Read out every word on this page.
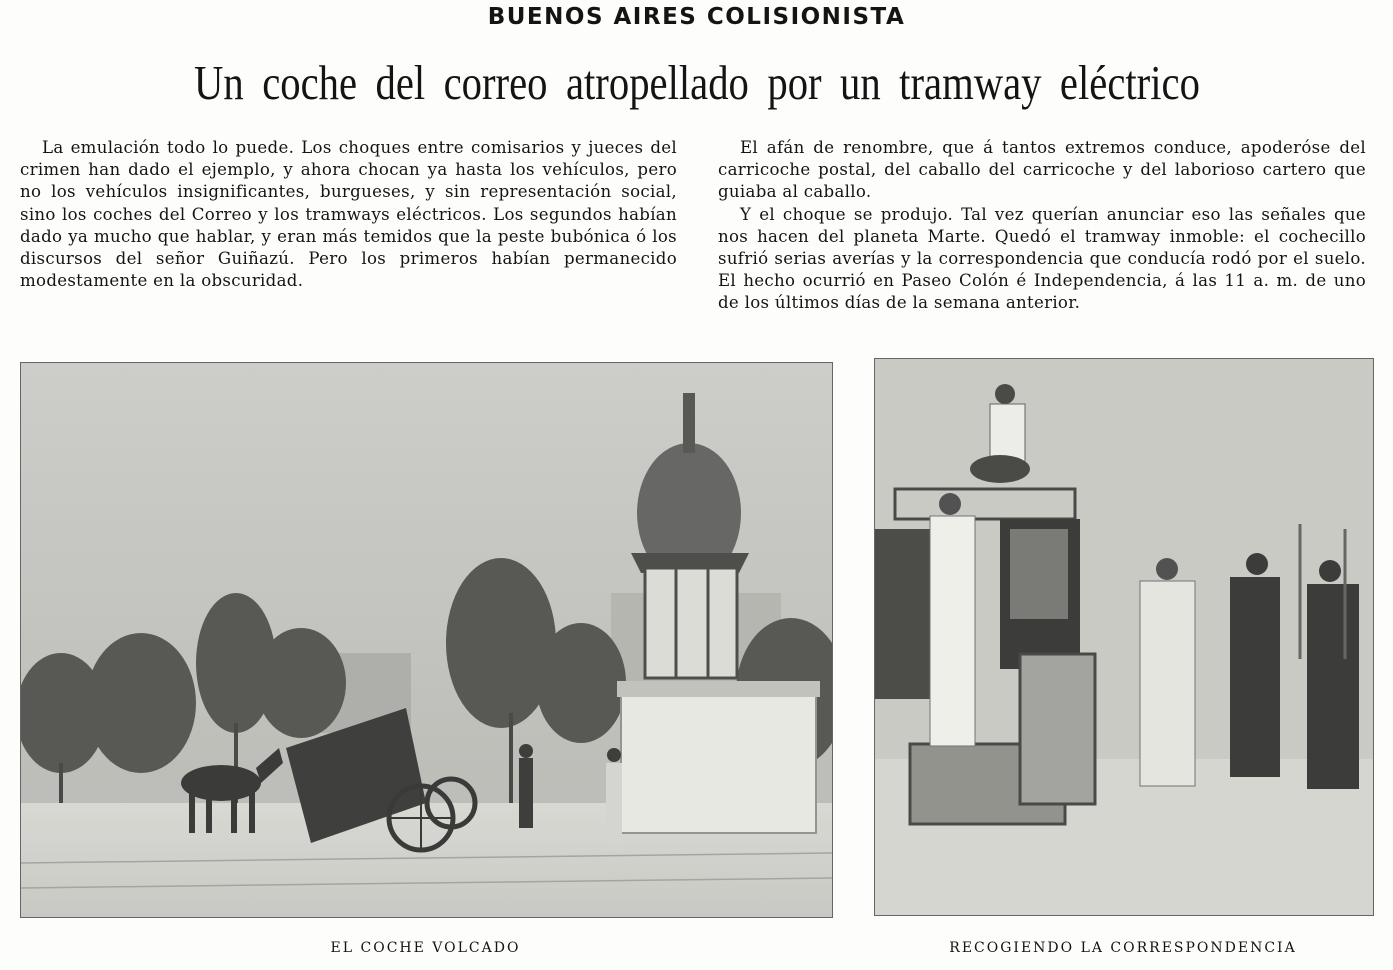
BUENOS AIRES COLISIONISTA
Un coche del correo atropellado por un tramway eléctrico

La emulación todo lo puede. Los choques entre comisarios y jueces del crimen han dado el ejemplo, y ahora chocan ya hasta los vehículos, pero no los vehículos insignificantes, burgueses, y sin representación social, sino los coches del Correo y los tramways eléctricos. Los segundos habían dado ya mucho que hablar, y eran más temidos que la peste bubónica ó los discursos del señor Guiñazú. Pero los primeros habían permanecido modestamente en la obscuridad.

El afán de renombre, que á tantos extremos conduce, apoderóse del carricoche postal, del caballo del carricoche y del laborioso cartero que guiaba al caballo.

Y el choque se produjo. Tal vez querían anunciar eso las señales que nos hacen del planeta Marte. Quedó el tramway inmoble: el cochecillo sufrió serias averías y la correspondencia que conducía rodó por el suelo. El hecho ocurrió en Paseo Colón é Independencia, á las 11 a. m. de uno de los últimos días de la semana anterior.

EL COCHE VOLCADO	RECOGIENDO LA CORRESPONDENCIA
